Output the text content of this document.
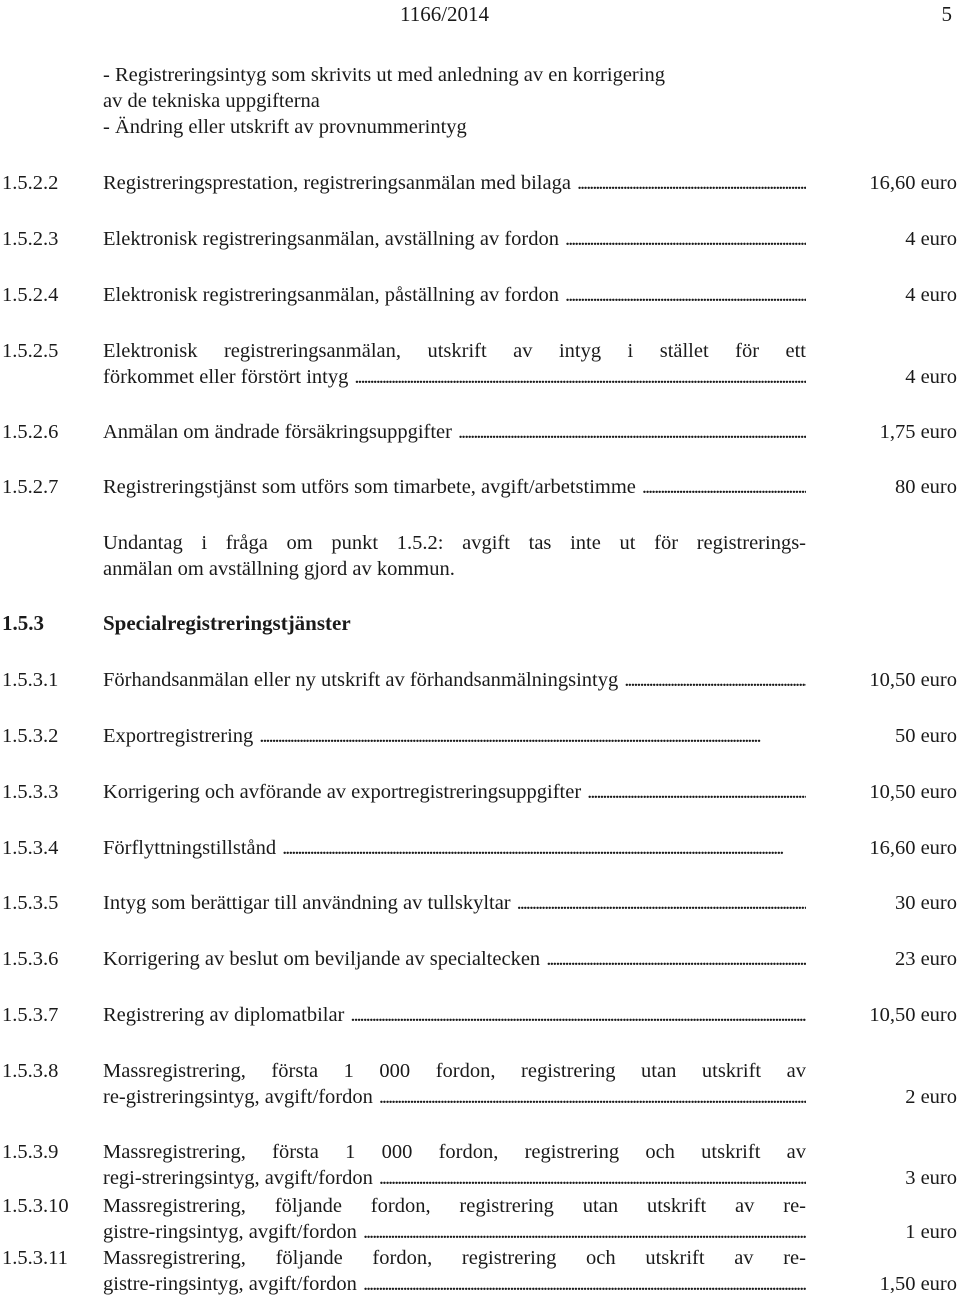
1166/2014	5
- Registreringsintyg som skrivits ut med anledning av en korrigering
av de tekniska uppgifterna
- Ändring eller utskrift av provnummerintyg
1.5.2.2 Registreringsprestation, registreringsanmälan med bilaga . . .	16,60 euro
1.5.2.3 Elektronisk registreringsanmälan, avställning av fordon . . .	4 euro
1.5.2.4 Elektronisk registreringsanmälan, påställning av fordon . . .	4 euro
1.5.2.5 Elektronisk registreringsanmälan, utskrift av intyg i stället för ett
förkommet eller förstört intyg . . .	4 euro
1.5.2.6 Anmälan om ändrade försäkringsuppgifter . . .	1,75 euro
1.5.2.7 Registreringstjänst som utförs som timarbete, avgift/arbetstimme . . .	80 euro
Undantag i fråga om punkt 1.5.2: avgift tas inte ut för registrerings-
anmälan om avställning gjord av kommun.
1.5.3	Specialregistreringstjänster
1.5.3.1 Förhandsanmälan eller ny utskrift av förhandsanmälningsintyg . . .	10,50 euro
1.5.3.2 Exportregistrering . . .	50 euro
1.5.3.3 Korrigering och avförande av exportregistreringsuppgifter . . .	10,50 euro
1.5.3.4 Förflyttningstillstånd . . .	16,60 euro
1.5.3.5 Intyg som berättigar till användning av tullskyltar . . .	30 euro
1.5.3.6 Korrigering av beslut om beviljande av specialtecken . . .	23 euro
1.5.3.7 Registrering av diplomatbilar . . .	10,50 euro
1.5.3.8 Massregistrering, första 1 000 fordon, registrering utan utskrift av
re-gistreringsintyg, avgift/fordon . . .	2 euro
1.5.3.9 Massregistrering, första 1 000 fordon, registrering och utskrift av
regi-streringsintyg, avgift/fordon . . .	3 euro
1.5.3.10 Massregistrering, följande fordon, registrering utan utskrift av re-
gistre-ringsintyg, avgift/fordon . . .	1 euro
1.5.3.11 Massregistrering, följande fordon, registrering och utskrift av re-
gistre-ringsintyg, avgift/fordon . . .	1,50 euro
